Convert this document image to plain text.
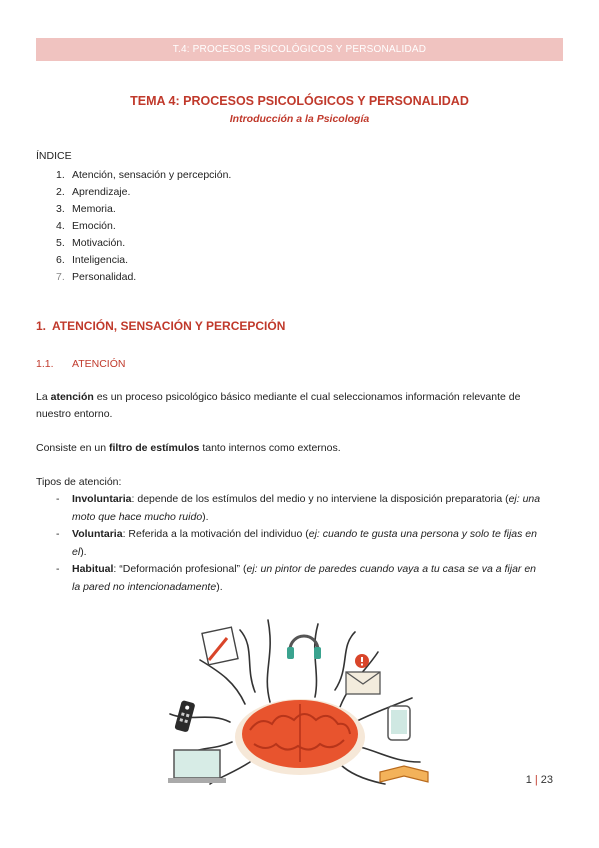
T.4: PROCESOS PSICOLÓGICOS Y PERSONALIDAD
TEMA 4: PROCESOS PSICOLÓGICOS Y PERSONALIDAD
Introducción a la Psicología
ÍNDICE
1. Atención, sensación y percepción.
2. Aprendizaje.
3. Memoria.
4. Emoción.
5. Motivación.
6. Inteligencia.
7. Personalidad.
1. ATENCIÓN, SENSACIÓN Y PERCEPCIÓN
1.1. ATENCIÓN
La atención es un proceso psicológico básico mediante el cual seleccionamos información relevante de nuestro entorno.
Consiste en un filtro de estímulos tanto internos como externos.
Tipos de atención:
- Involuntaria: depende de los estímulos del medio y no interviene la disposición preparatoria (ej: una moto que hace mucho ruido).
- Voluntaria: Referida a la motivación del individuo (ej: cuando te gusta una persona y solo te fijas en el).
- Habitual: “Deformación profesional” (ej: un pintor de paredes cuando vaya a tu casa se va a fijar en la pared no intencionadamente).
1 | 23
